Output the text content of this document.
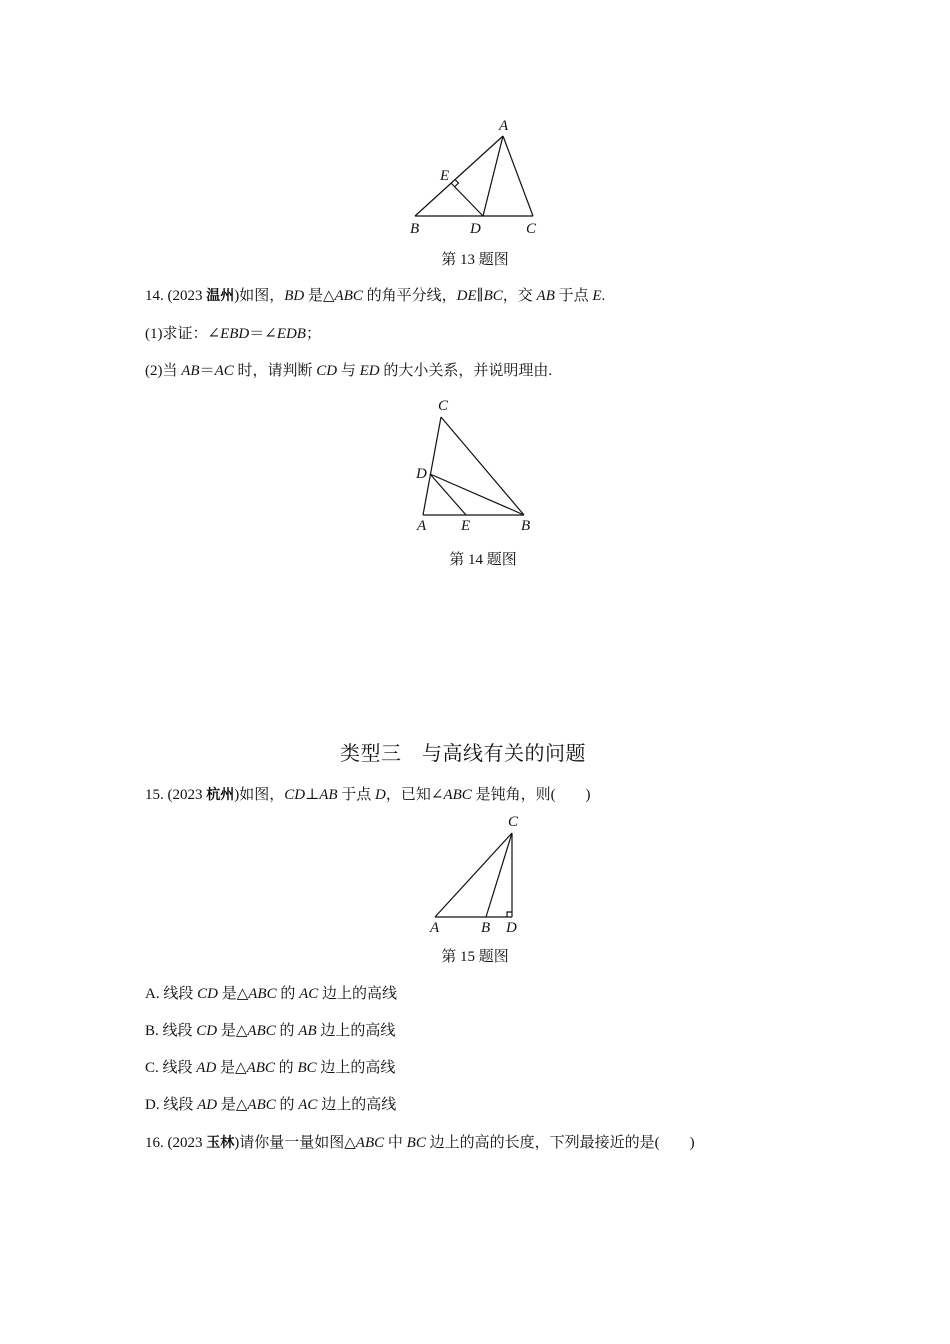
A
E
B	D	C
第 13 题图
14. (2023 温州)如图，BD 是△ABC 的角平分线，DE∥BC，交 AB 于点 E.
(1)求证：∠EBD＝∠EDB；
(2)当 AB＝AC 时，请判断 CD 与 ED 的大小关系，并说明理由.
C
D
A E	B
第 14 题图
类型三　与高线有关的问题
15. (2023 杭州)如图，CD⊥AB 于点 D，已知∠ABC 是钝角，则(　　)
C
A	B D
第 15 题图
A. 线段 CD 是△ABC 的 AC 边上的高线
B. 线段 CD 是△ABC 的 AB 边上的高线
C. 线段 AD 是△ABC 的 BC 边上的高线
D. 线段 AD 是△ABC 的 AC 边上的高线
16. (2023 玉林)请你量一量如图△ABC 中 BC 边上的高的长度，下列最接近的是(　　)
